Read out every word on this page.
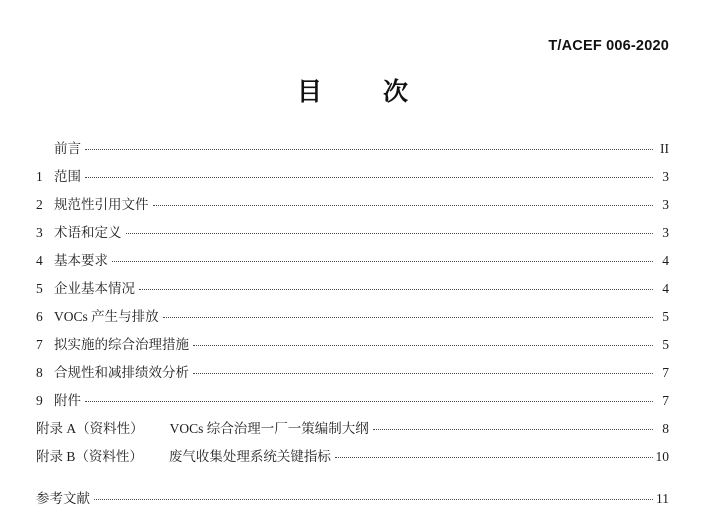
T/ACEF 006-2020
目　次
前言	II
1 范围	3
2 规范性引用文件	3
3 术语和定义	3
4 基本要求	4
5 企业基本情况	4
6 VOCs 产生与排放	5
7 拟实施的综合治理措施	5
8 合规性和减排绩效分析	7
9 附件	7
附录 A（资料性） VOCs 综合治理一厂一策编制大纲	8
附录 B（资料性） 废气收集处理系统关键指标	10
参考文献	11
